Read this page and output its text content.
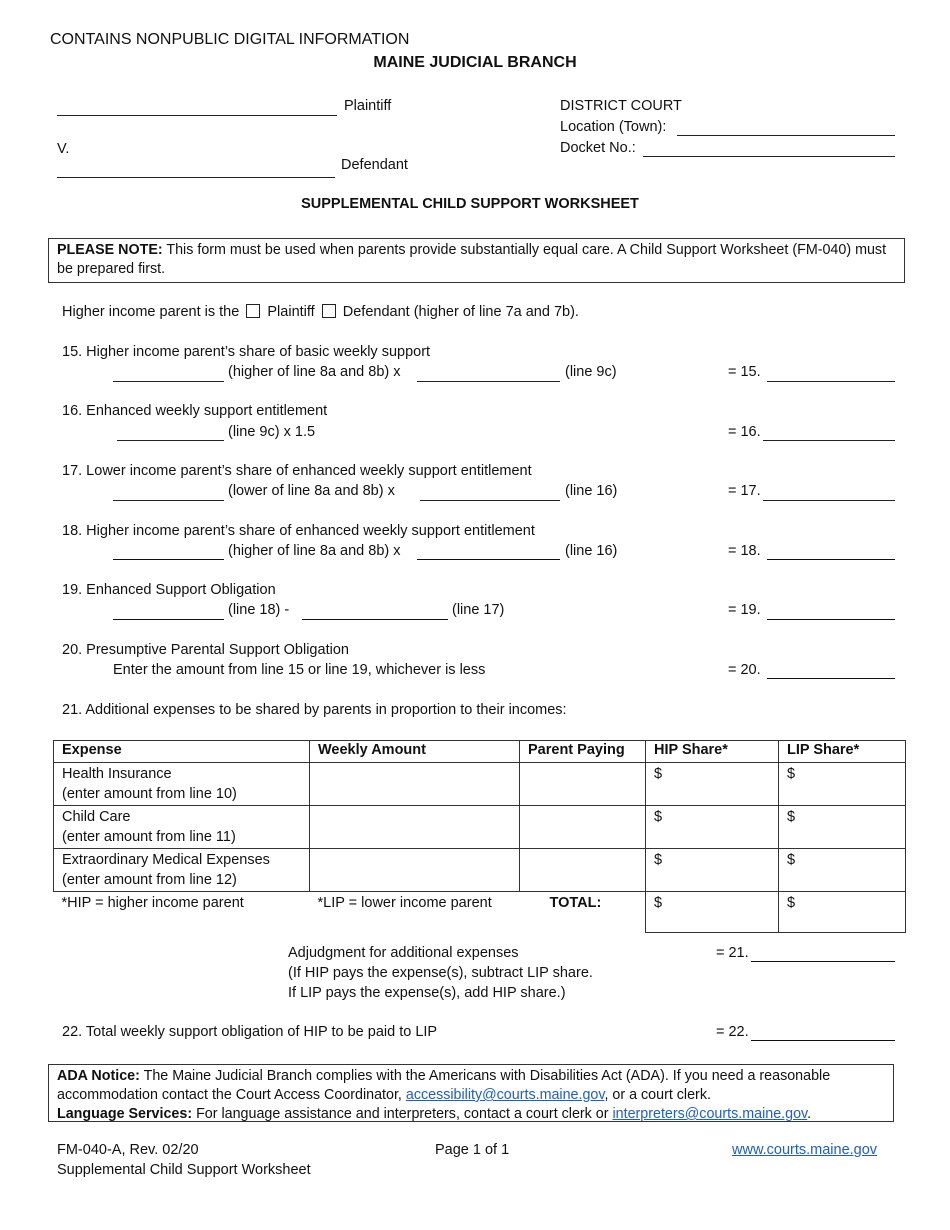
CONTAINS NONPUBLIC DIGITAL INFORMATION
MAINE JUDICIAL BRANCH
Plaintiff
V.
Defendant
DISTRICT COURT
Location (Town):
Docket No.:
SUPPLEMENTAL CHILD SUPPORT WORKSHEET
PLEASE NOTE: This form must be used when parents provide substantially equal care. A Child Support Worksheet (FM-040) must be prepared first.
Higher income parent is the Plaintiff Defendant (higher of line 7a and 7b).
15. Higher income parent’s share of basic weekly support
(higher of line 8a and 8b) x	(line 9c)	= 15.
16. Enhanced weekly support entitlement
(line 9c) x 1.5	= 16.
17. Lower income parent’s share of enhanced weekly support entitlement
(lower of line 8a and 8b) x	(line 16)	= 17.
18. Higher income parent’s share of enhanced weekly support entitlement
(higher of line 8a and 8b) x	(line 16)	= 18.
19. Enhanced Support Obligation
(line 18) -	(line 17)	= 19.
20. Presumptive Parental Support Obligation
Enter the amount from line 15 or line 19, whichever is less	= 20.
21. Additional expenses to be shared by parents in proportion to their incomes:
Expense	Weekly Amount	Parent Paying	HIP Share*	LIP Share*
Health Insurance
(enter amount from line 10)			$	$
Child Care
(enter amount from line 11)			$	$
Extraordinary Medical Expenses
(enter amount from line 12)			$	$
*HIP = higher income parent	*LIP = lower income parent	TOTAL:	$	$
Adjudgment for additional expenses
(If HIP pays the expense(s), subtract LIP share.
If LIP pays the expense(s), add HIP share.)
= 21.
22. Total weekly support obligation of HIP to be paid to LIP	= 22.
ADA Notice: The Maine Judicial Branch complies with the Americans with Disabilities Act (ADA). If you need a reasonable accommodation contact the Court Access Coordinator, accessibility@courts.maine.gov, or a court clerk.
Language Services: For language assistance and interpreters, contact a court clerk or interpreters@courts.maine.gov.
FM-040-A, Rev. 02/20
Supplemental Child Support Worksheet
Page 1 of 1	www.courts.maine.gov
